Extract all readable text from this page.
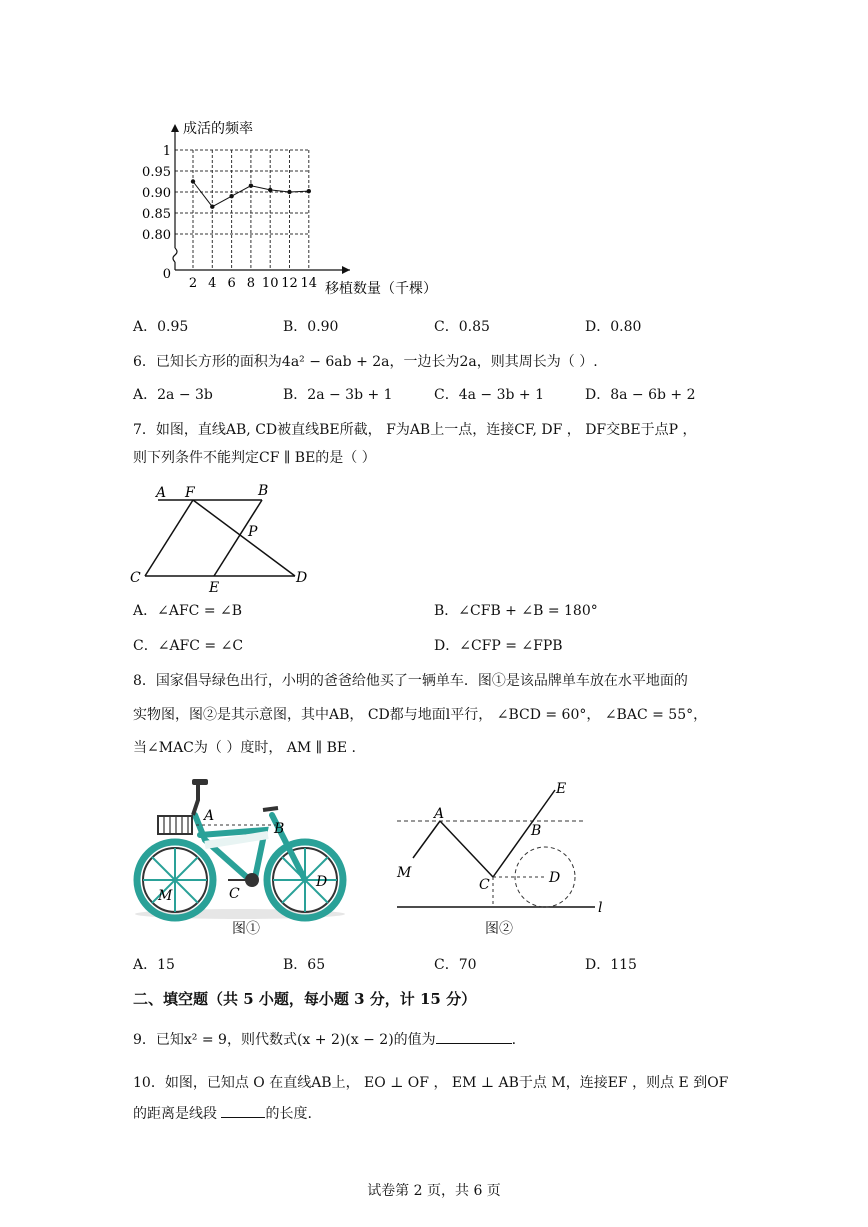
1
0.95
0.90
0.85
0.80
0
2 4 6 8 10 12 14
成活的频率
移植数量（千棵）
A．0.95	B．0.90	C．0.85	D．0.80
6．已知长方形的面积为4a² − 6ab + 2a，一边长为2a，则其周长为（ ）.
A．2a − 3b	B．2a − 3b + 1	C．4a − 3b + 1	D．8a − 6b + 2
7．如图，直线AB, CD被直线BE所截， F为AB上一点，连接CF, DF ， DF交BE于点P ，
则下列条件不能判定CF ∥ BE的是（ ）
A F	B
P
C
E
D
A．∠AFC = ∠B	B．∠CFB + ∠B = 180°
C．∠AFC = ∠C	D．∠CFP = ∠FPB
8．国家倡导绿色出行，小明的爸爸给他买了一辆单车．图①是该品牌单车放在水平地面的
实物图，图②是其示意图，其中AB， CD都与地面l平行， ∠BCD = 60°， ∠BAC = 55°，
当∠MAC为（ ）度时， AM ∥ BE .
A
B
C
D
M
图①
E
A
B
M
C	D
l
图②
A．15	B．65	C．70	D．115
二、填空题（共 5 小题，每小题 3 分，计 15 分）
9．已知x² = 9，则代数式(x + 2)(x − 2)的值为	.
10．如图，已知点 O 在直线AB上， EO ⊥ OF ， EM ⊥ AB于点 M，连接EF ，则点 E 到OF
的距离是线段	的长度.
试卷第 2 页，共 6 页
